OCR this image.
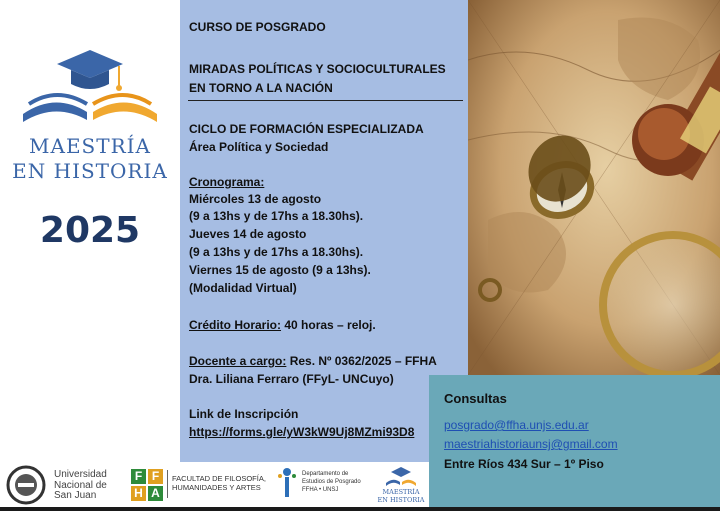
MAESTRÍA
EN HISTORIA
2025
CURSO DE POSGRADO
MIRADAS POLÍTICAS Y SOCIOCULTURALES
EN TORNO A LA NACIÓN
CICLO DE FORMACIÓN ESPECIALIZADA
Área Política y Sociedad
Cronograma:
Miércoles 13 de agosto
(9 a 13hs y de 17hs a 18.30hs).
Jueves 14 de agosto
(9 a 13hs y de 17hs a 18.30hs).
Viernes 15 de agosto (9 a 13hs).
(Modalidad Virtual)
Crédito Horario: 40 horas – reloj.
Docente a cargo: Res. Nº 0362/2025 – FFHA
Dra. Liliana Ferraro (FFyL- UNCuyo)
Link de Inscripción
https://forms.gle/yW3kW9Uj8MZmi93D8
Consultas
posgrado@ffha.unjs.edu.ar
maestriahistoriaunsj@gmail.com
Entre Ríos 434 Sur – 1º Piso
Universidad
Nacional de
San Juan
F F
H A
FACULTAD DE FILOSOFÍA,
HUMANIDADES Y ARTES
Departamento de
Estudios de Posgrado
FFHA • UNSJ	MAESTRÍA
EN HISTORIA
